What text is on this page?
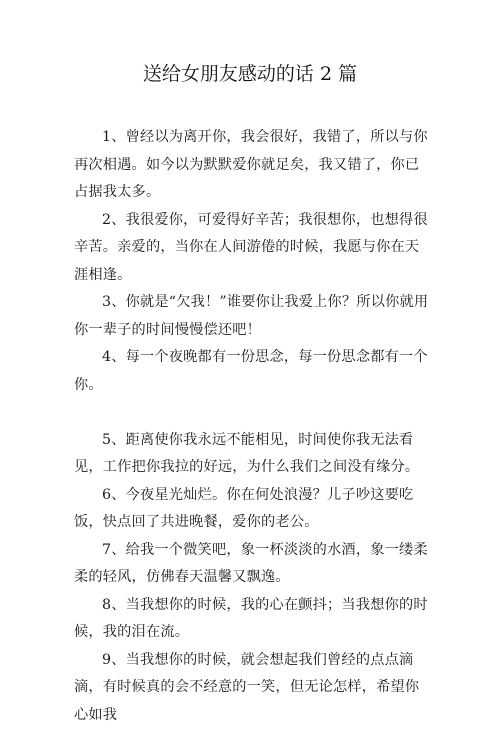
送给女朋友感动的话 2 篇

1、曾经以为离开你，我会很好，我错了，所以与你再次相遇。如今以为默默爱你就足矣，我又错了，你已占据我太多。

2、我很爱你，可爱得好辛苦；我很想你，也想得很辛苦。亲爱的，当你在人间游倦的时候，我愿与你在天涯相逢。

3、你就是“欠我！”谁要你让我爱上你？所以你就用你一辈子的时间慢慢偿还吧！

4、每一个夜晚都有一份思念，每一份思念都有一个你。

5、距离使你我永远不能相见，时间使你我无法看见，工作把你我拉的好远，为什么我们之间没有缘分。

6、今夜星光灿烂。你在何处浪漫？儿子吵这要吃饭，快点回了共进晚餐，爱你的老公。

7、给我一个微笑吧，象一杯淡淡的水酒，象一缕柔柔的轻风，仿佛春天温馨又飘逸。

8、当我想你的时候，我的心在颤抖；当我想你的时候，我的泪在流。

9、当我想你的时候，就会想起我们曾经的点点滴滴，有时候真的会不经意的一笑，但无论怎样，希望你心如我
